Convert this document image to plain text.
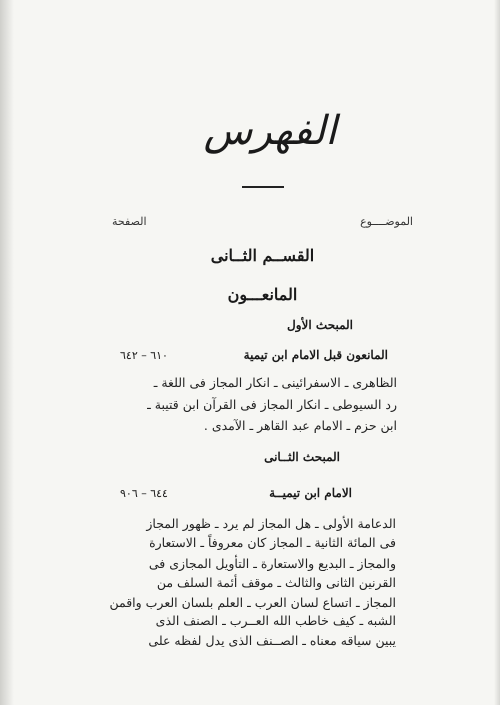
الفهرس
الموضــــوع
الصفحة
القســم الثــانى
المانعـــون
المبحث الأول
المانعون قبل الامام ابن تيمية
٦١٠ – ٦٤٢
الظاهرى ـ الاسفرائينى ـ انكار المجاز فى اللغة ـ
رد السيوطى ـ انكار المجاز فى القرآن ابن قتيبة ـ
ابن حزم ـ الامام عبد القاهر ـ الآمدى .
المبحث الثــانى
الامام ابن تيميــة
٦٤٤ – ٩٠٦
الدعامة الأولى ـ هل المجاز لم يرد ـ ظهور المجاز
فى المائة الثانية ـ المجاز كان معروفاً ـ الاستعارة
والمجاز ـ البديع والاستعارة ـ التأويل المجازى فى
القرنين الثانى والثالث ـ موقف أئمة السلف من
المجاز ـ اتساع لسان العرب ـ العلم بلسان العرب واقمن
الشبه ـ كيف خاطب الله العــرب ـ الصنف الذى
يبين سياقه معناه ـ الصــنف الذى يدل لفظه على
